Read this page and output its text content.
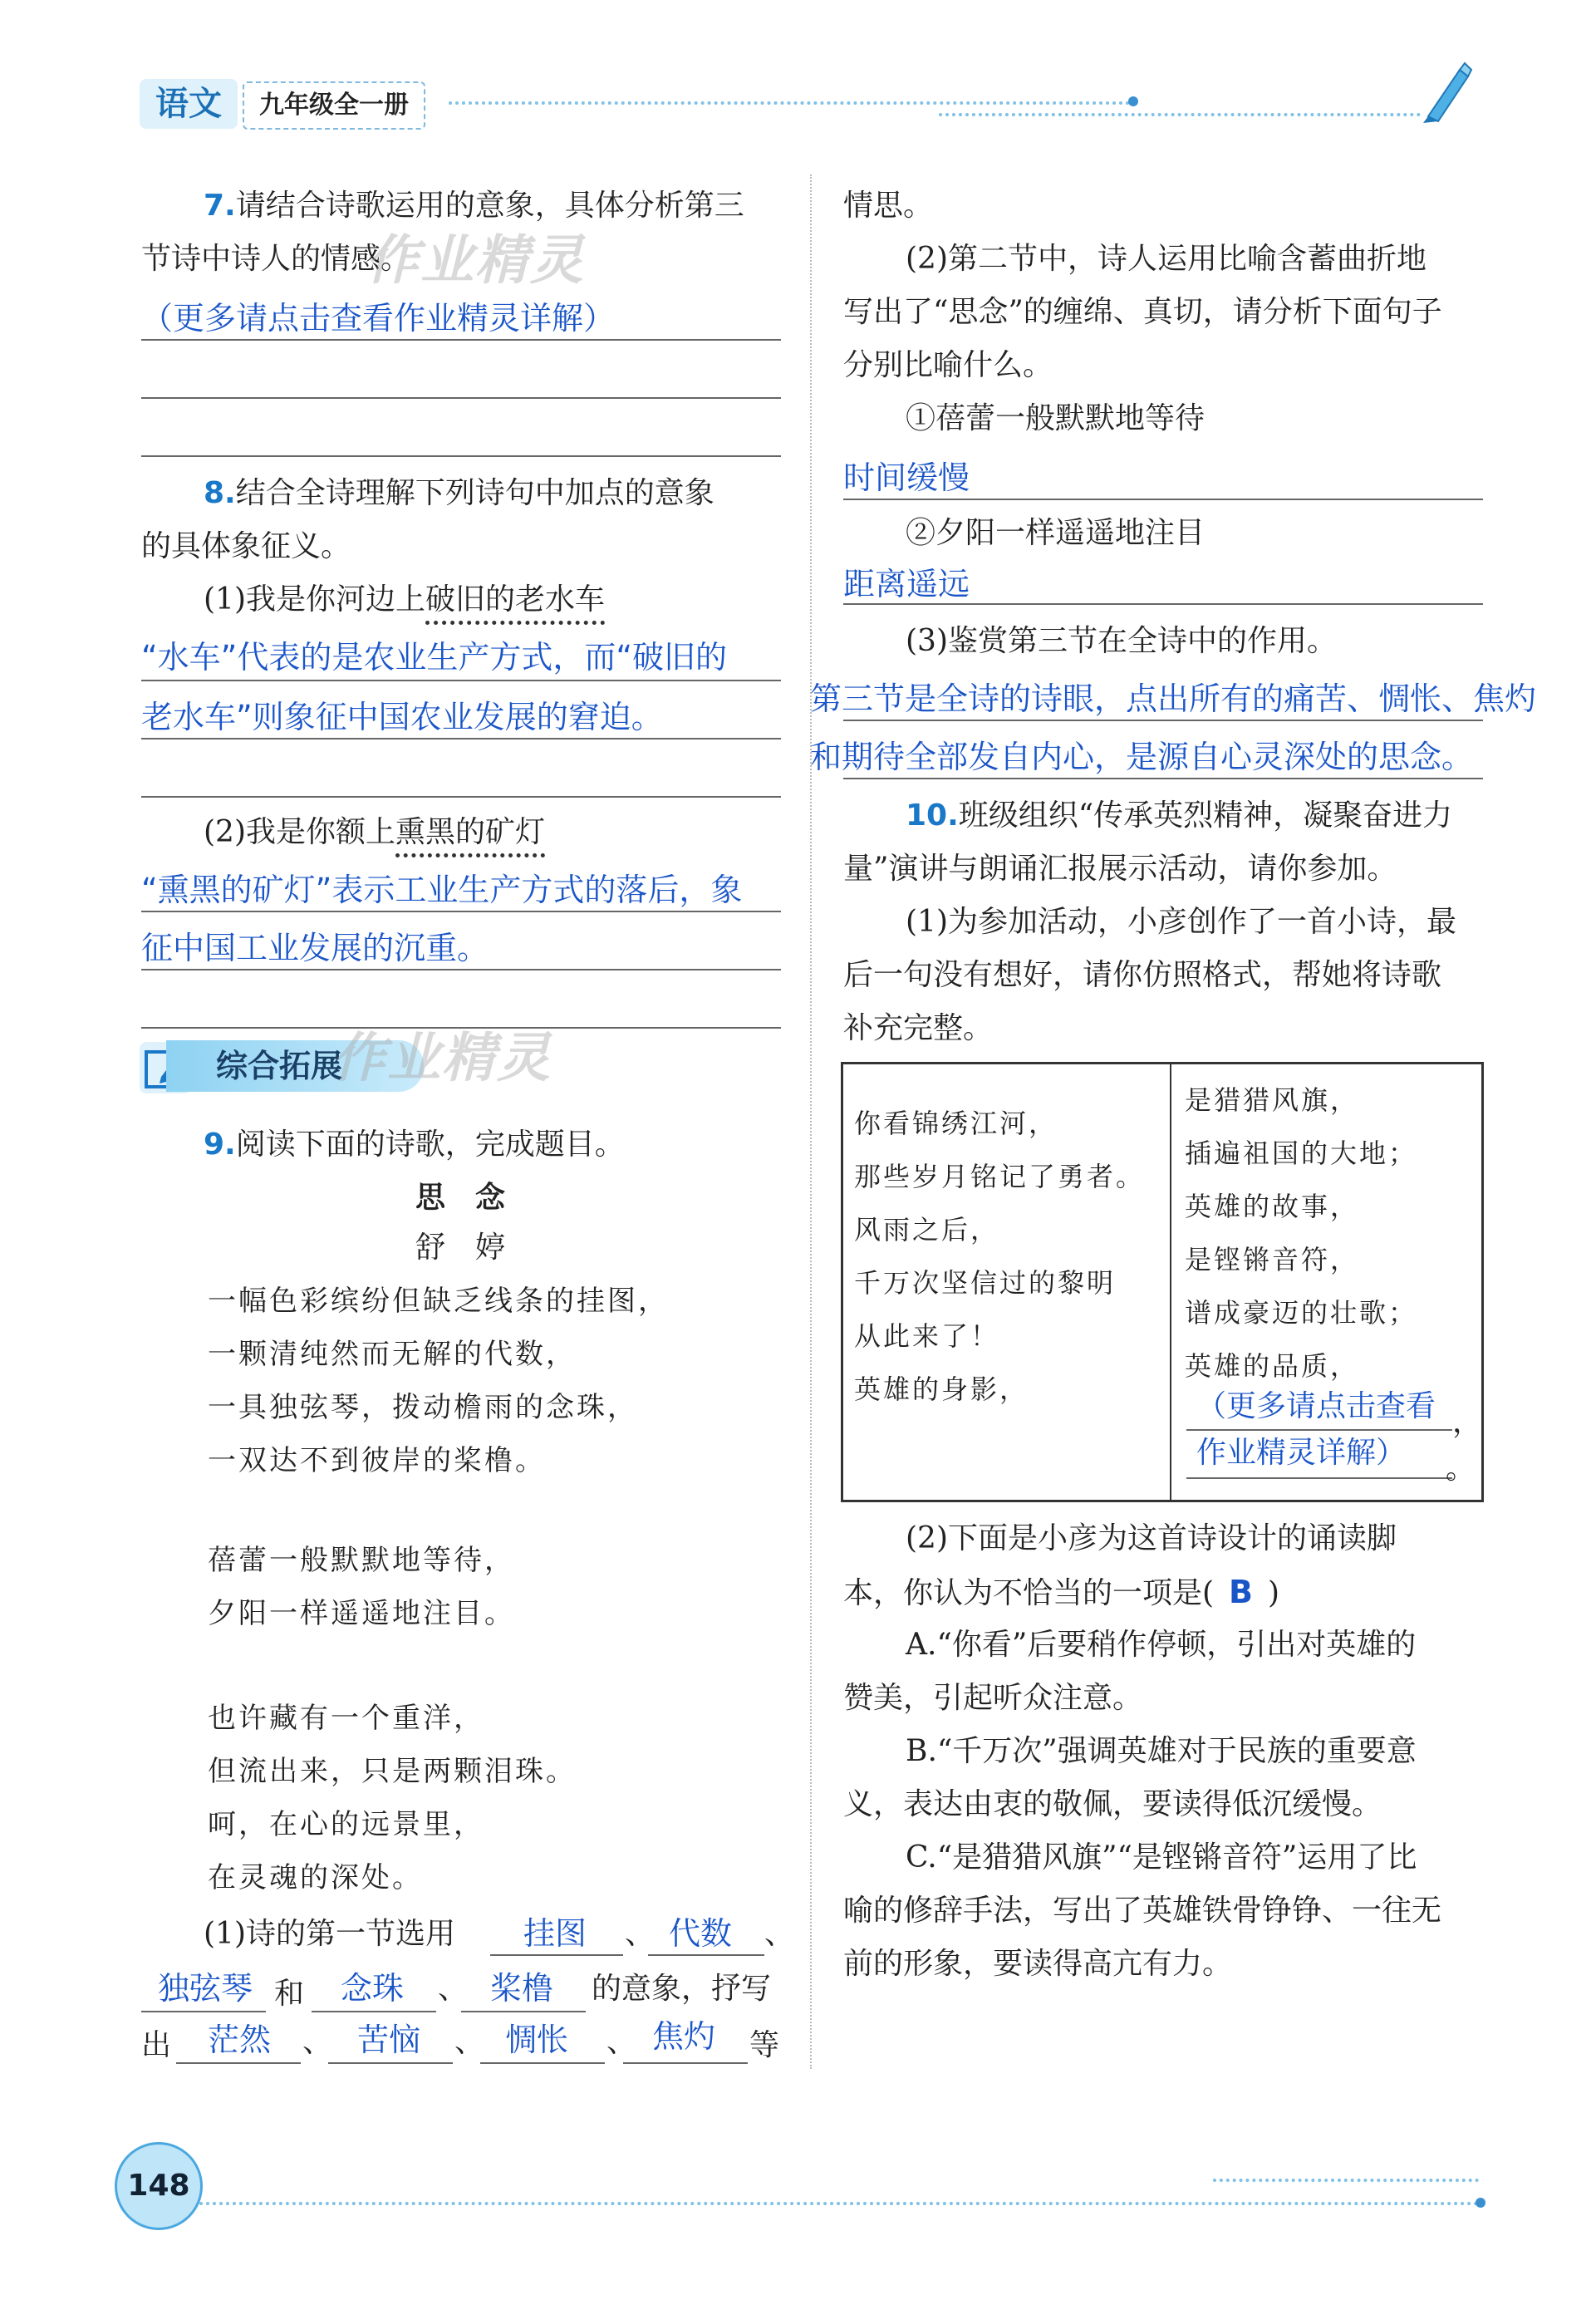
语文	九年级全一册
7.请结合诗歌运用的意象，具体分析第三
节诗中诗人的情感。
作业精灵
（更多请点击查看作业精灵详解）
8.结合全诗理解下列诗句中加点的意象
的具体象征义。
(1)我是你河边上破旧的老水车
“水车”代表的是农业生产方式，而“破旧的
老水车”则象征中国农业发展的窘迫。
(2)我是你额上熏黑的矿灯
“熏黑的矿灯”表示工业生产方式的落后，象
征中国工业发展的沉重。
综合拓展
作业精灵
9.阅读下面的诗歌，完成题目。
思　念
舒　婷
一幅色彩缤纷但缺乏线条的挂图，
一颗清纯然而无解的代数，
一具独弦琴，拨动檐雨的念珠，
一双达不到彼岸的桨橹。
蓓蕾一般默默地等待，
夕阳一样遥遥地注目。
也许藏有一个重洋，
但流出来，只是两颗泪珠。
呵，在心的远景里，
在灵魂的深处。
(1)诗的第一节选用 挂图 、 代数 、
独弦琴 和 念珠 、 桨橹 的意象，抒写
出 茫然 、 苦恼 、 惆怅 、 焦灼 等
情思。
(2)第二节中，诗人运用比喻含蓄曲折地
写出了“思念”的缠绵、真切，请分析下面句子
分别比喻什么。
①蓓蕾一般默默地等待
时间缓慢
②夕阳一样遥遥地注目
距离遥远
(3)鉴赏第三节在全诗中的作用。
第三节是全诗的诗眼，点出所有的痛苦、惆怅、焦灼
和期待全部发自内心，是源自心灵深处的思念。
10.班级组织“传承英烈精神，凝聚奋进力
量”演讲与朗诵汇报展示活动，请你参加。
(1)为参加活动，小彦创作了一首小诗，最
后一句没有想好，请你仿照格式，帮她将诗歌
补充完整。
你看锦绣江河，
那些岁月铭记了勇者。
风雨之后，
千万次坚信过的黎明
从此来了！
英雄的身影，
是猎猎风旗，
插遍祖国的大地；
英雄的故事，
是铿锵音符，
谱成豪迈的壮歌；
英雄的品质，
（更多请点击查看 ，
作业精灵详解） 。
(2)下面是小彦为这首诗设计的诵读脚
本，你认为不恰当的一项是( B )
A.“你看”后要稍作停顿，引出对英雄的
赞美，引起听众注意。
B.“千万次”强调英雄对于民族的重要意
义，表达由衷的敬佩，要读得低沉缓慢。
C.“是猎猎风旗”“是铿锵音符”运用了比
喻的修辞手法，写出了英雄铁骨铮铮、一往无
前的形象，要读得高亢有力。
148
